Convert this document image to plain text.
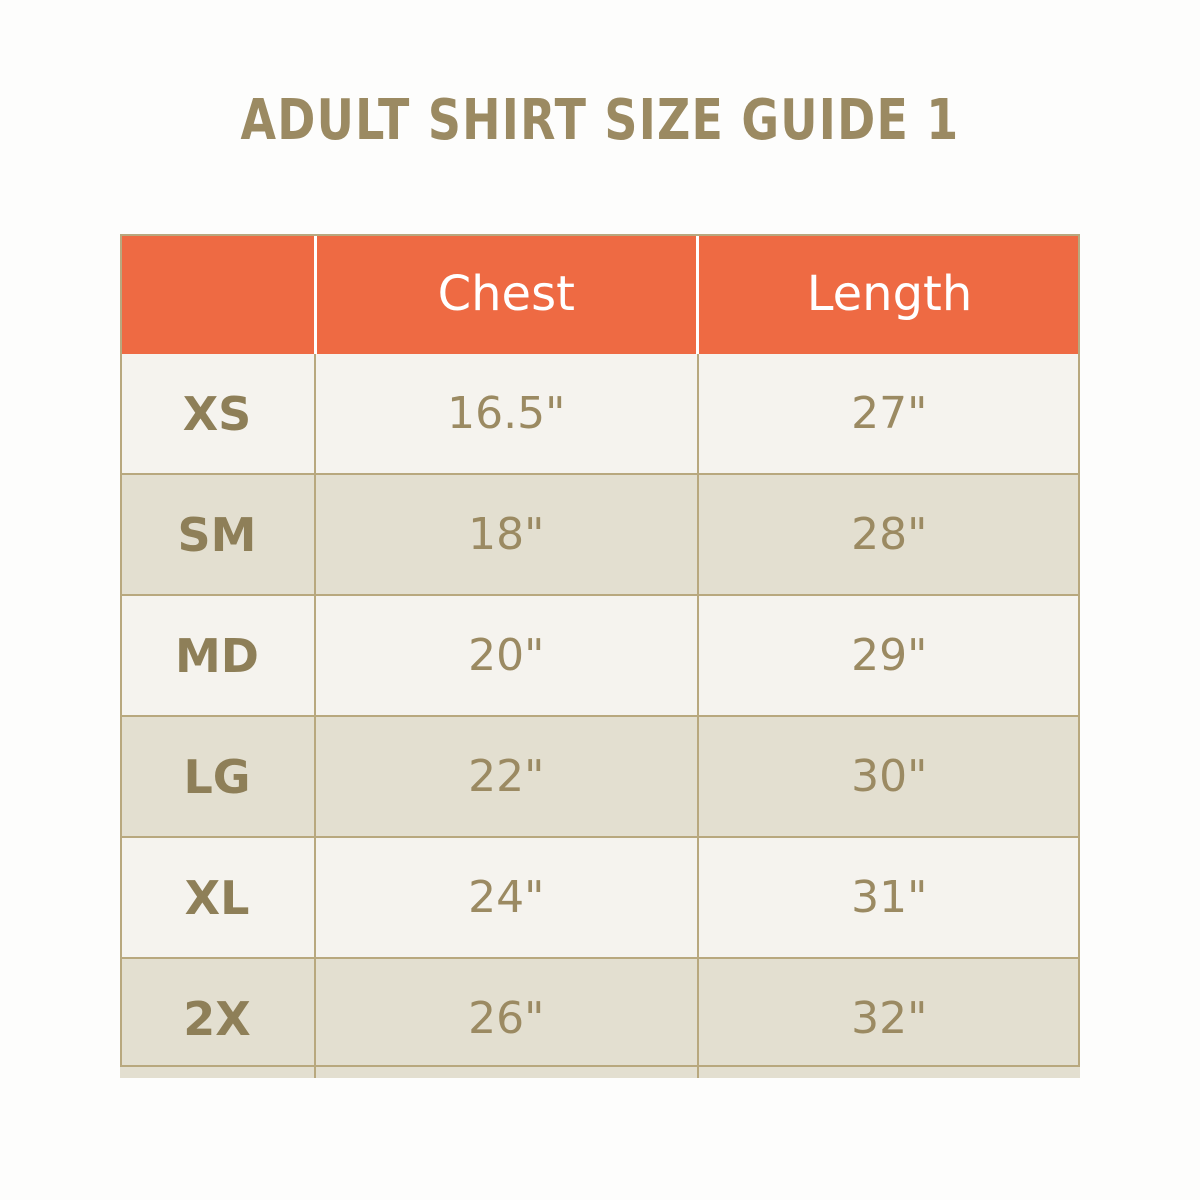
ADULT SHIRT SIZE GUIDE 1
	Chest	Length
XS	16.5"	27"
SM	18"	28"
MD	20"	29"
LG	22"	30"
XL	24"	31"
2X	26"	32"
